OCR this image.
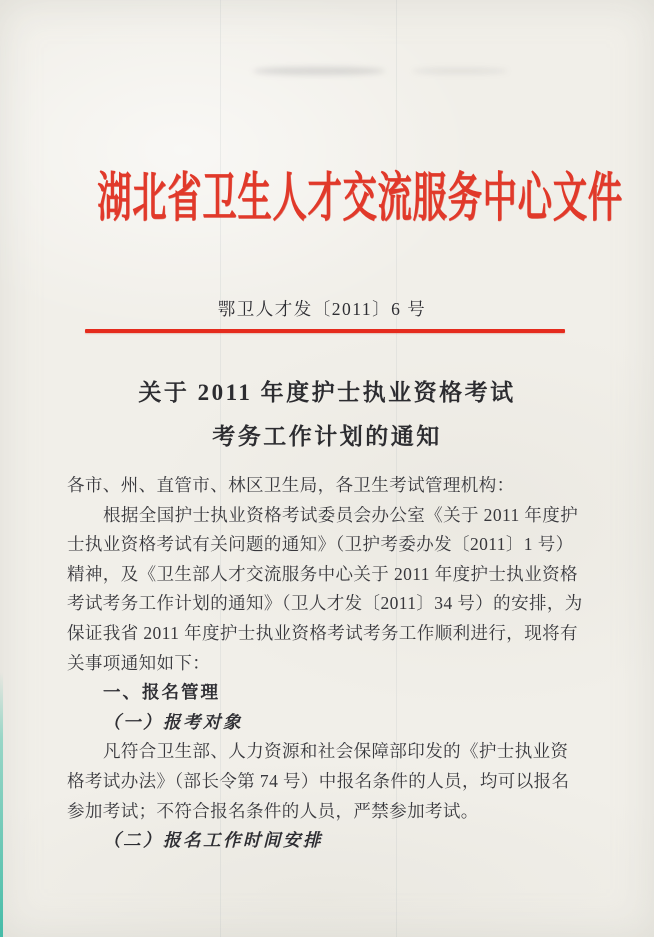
湖北省卫生人才交流服务中心文件
鄂卫人才发〔2011〕6 号
关于 2011 年度护士执业资格考试
考务工作计划的通知
各市、州、直管市、林区卫生局，各卫生考试管理机构：
根据全国护士执业资格考试委员会办公室《关于 2011 年度护
士执业资格考试有关问题的通知》（卫护考委办发〔2011〕1 号）
精神，及《卫生部人才交流服务中心关于 2011 年度护士执业资格
考试考务工作计划的通知》（卫人才发〔2011〕34 号）的安排，为
保证我省 2011 年度护士执业资格考试考务工作顺利进行，现将有
关事项通知如下：
一、报名管理
（一）报考对象
凡符合卫生部、人力资源和社会保障部印发的《护士执业资
格考试办法》（部长令第 74 号）中报名条件的人员，均可以报名
参加考试；不符合报名条件的人员，严禁参加考试。
（二）报名工作时间安排
